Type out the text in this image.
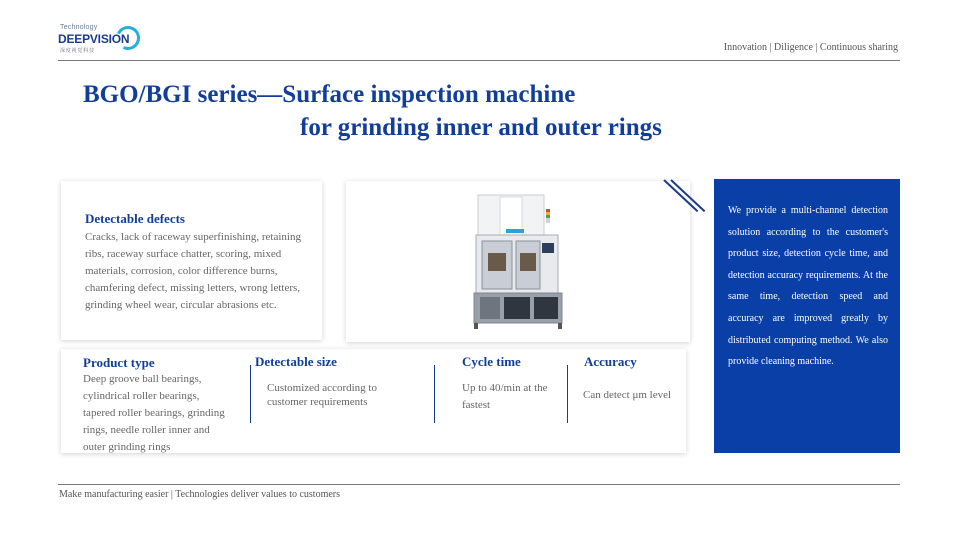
Technology
DEEPVISION
深度视觉科技	Innovation | Diligence | Continuous sharing
BGO/BGI series—Surface inspection machine
for grinding inner and outer rings
Detectable defects
Cracks, lack of raceway superfinishing, retaining ribs, raceway surface chatter, scoring, mixed materials, corrosion, color difference burns, chamfering defect, missing letters, wrong letters, grinding wheel wear, circular abrasions etc.
Product type
Deep groove ball bearings, cylindrical roller bearings, tapered roller bearings, grinding rings, needle roller inner and outer grinding rings
Detectable size
Customized according to customer requirements
Cycle time
Up to 40/min at the fastest
Accuracy
Can detect μm level
We provide a multi-channel detection solution according to the customer's product size, detection cycle time, and detection accuracy requirements. At the same time, detection speed and accuracy are improved greatly by distributed computing method. We also provide cleaning machine.
Make manufacturing easier | Technologies deliver values to customers
